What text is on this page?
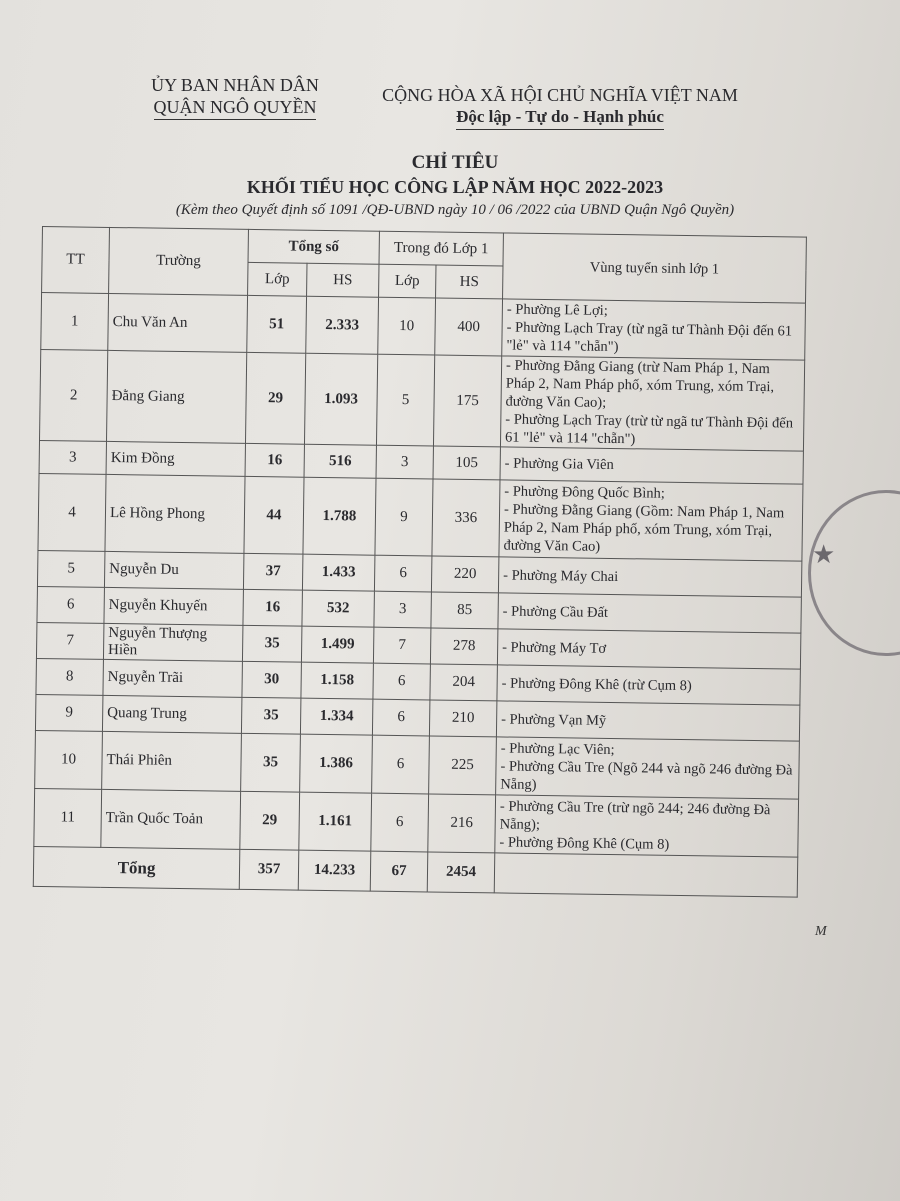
ỦY BAN NHÂN DÂN
QUẬN NGÔ QUYỀN
CỘNG HÒA XÃ HỘI CHỦ NGHĨA VIỆT NAM
Độc lập - Tự do - Hạnh phúc
CHỈ TIÊU
KHỐI TIỂU HỌC CÔNG LẬP NĂM HỌC 2022-2023
(Kèm theo Quyết định số 1091 /QĐ-UBND ngày 10 / 06 /2022 của UBND Quận Ngô Quyền)
TT	Trường	Tổng số		Trong đó Lớp 1		Vùng tuyển sinh lớp 1
		Lớp	HS	Lớp	HS	
1	Chu Văn An	51	2.333	10	400	- Phường Lê Lợi;
- Phường Lạch Tray (từ ngã tư Thành Đội đến 61 "lẻ" và 114 "chẵn")

2	Đằng Giang	29	1.093	5	175	- Phường Đằng Giang (trừ Nam Pháp 1, Nam Pháp 2, Nam Pháp phố, xóm Trung, xóm Trại, đường Văn Cao);
- Phường Lạch Tray (trừ từ ngã tư Thành Đội đến 61 "lẻ" và 114 "chẵn")

3	Kim Đồng	16	516	3	105	- Phường Gia Viên

4	Lê Hồng Phong	44	1.788	9	336	- Phường Đông Quốc Bình;
- Phường Đằng Giang (Gồm: Nam Pháp 1, Nam Pháp 2, Nam Pháp phố, xóm Trung, xóm Trại, đường Văn Cao)

5	Nguyễn Du	37	1.433	6	220	- Phường Máy Chai

6	Nguyễn Khuyến	16	532	3	85	- Phường Cầu Đất

7	Nguyễn Thượng Hiền	35	1.499	7	278	- Phường Máy Tơ

8	Nguyễn Trãi	30	1.158	6	204	- Phường Đông Khê (trừ Cụm 8)

9	Quang Trung	35	1.334	6	210	- Phường Vạn Mỹ

10	Thái Phiên	35	1.386	6	225	- Phường Lạc Viên;
- Phường Cầu Tre (Ngõ 244 và ngõ 246 đường Đà Nẵng)

11	Trần Quốc Toản	29	1.161	6	216	- Phường Cầu Tre (trừ ngõ 244; 246 đường Đà Nẵng);
- Phường Đông Khê (Cụm 8)

Tổng		357	14.233	67	2454	
★
M
